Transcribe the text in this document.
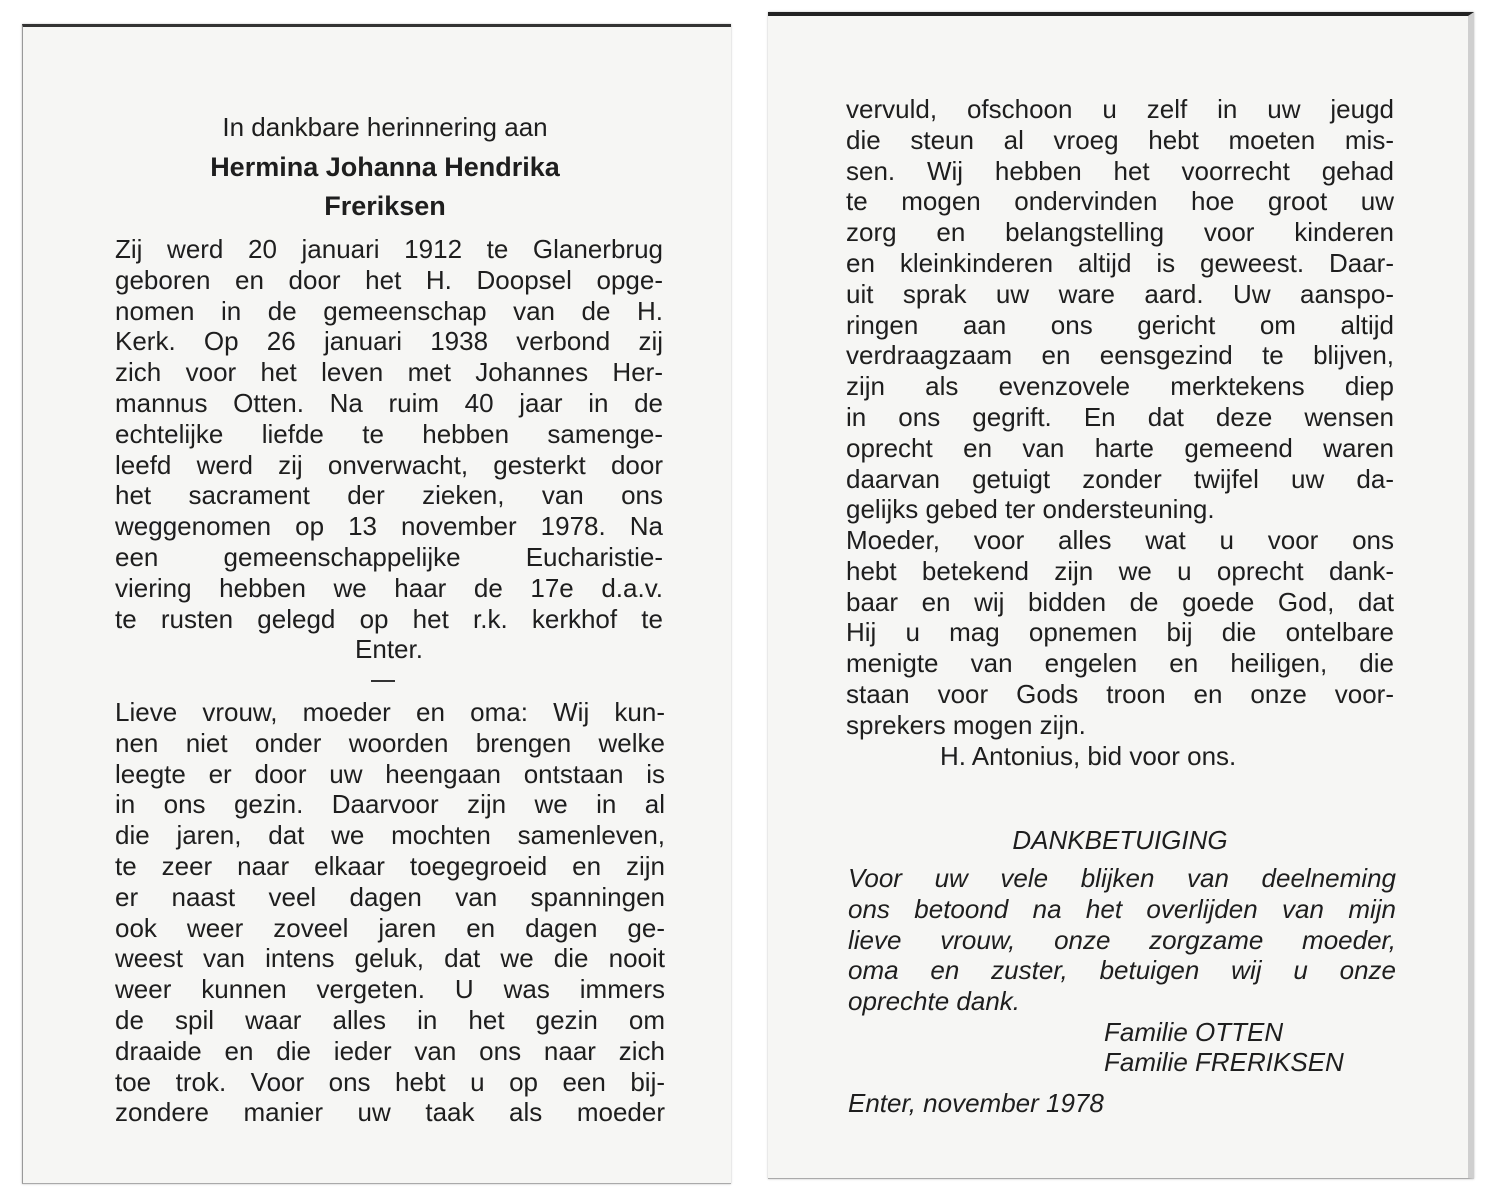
In dankbare herinnering aan
Hermina Johanna Hendrika
Freriksen
Zij werd 20 januari 1912 te Glanerbrug
geboren en door het H. Doopsel opge-
nomen in de gemeenschap van de H.
Kerk. Op 26 januari 1938 verbond zij
zich voor het leven met Johannes Her-
mannus Otten. Na ruim 40 jaar in de
echtelijke liefde te hebben samenge-
leefd werd zij onverwacht, gesterkt door
het sacrament der zieken, van ons
weggenomen op 13 november 1978. Na
een gemeenschappelijke Eucharistie-
viering hebben we haar de 17e d.a.v.
te rusten gelegd op het r.k. kerkhof te
Enter.
Lieve vrouw, moeder en oma: Wij kun-
nen niet onder woorden brengen welke
leegte er door uw heengaan ontstaan is
in ons gezin. Daarvoor zijn we in al
die jaren, dat we mochten samenleven,
te zeer naar elkaar toegegroeid en zijn
er naast veel dagen van spanningen
ook weer zoveel jaren en dagen ge-
weest van intens geluk, dat we die nooit
weer kunnen vergeten. U was immers
de spil waar alles in het gezin om
draaide en die ieder van ons naar zich
toe trok. Voor ons hebt u op een bij-
zondere manier uw taak als moeder
vervuld, ofschoon u zelf in uw jeugd
die steun al vroeg hebt moeten mis-
sen. Wij hebben het voorrecht gehad
te mogen ondervinden hoe groot uw
zorg en belangstelling voor kinderen
en kleinkinderen altijd is geweest. Daar-
uit sprak uw ware aard. Uw aanspo-
ringen aan ons gericht om altijd
verdraagzaam en eensgezind te blijven,
zijn als evenzovele merktekens diep
in ons gegrift. En dat deze wensen
oprecht en van harte gemeend waren
daarvan getuigt zonder twijfel uw da-
gelijks gebed ter ondersteuning.
Moeder, voor alles wat u voor ons
hebt betekend zijn we u oprecht dank-
baar en wij bidden de goede God, dat
Hij u mag opnemen bij die ontelbare
menigte van engelen en heiligen, die
staan voor Gods troon en onze voor-
sprekers mogen zijn.
H. Antonius, bid voor ons.
DANKBETUIGING
Voor uw vele blijken van deelneming
ons betoond na het overlijden van mijn
lieve vrouw, onze zorgzame moeder,
oma en zuster, betuigen wij u onze
oprechte dank.
Familie OTTEN
Familie FRERIKSEN
Enter, november 1978
